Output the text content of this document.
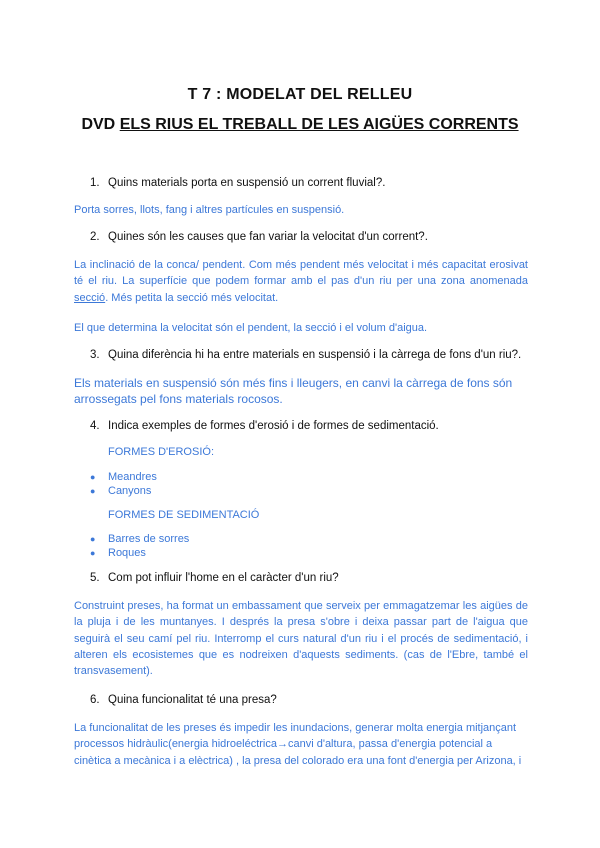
T 7 : MODELAT DEL RELLEU
DVD ELS RIUS EL TREBALL DE LES AIGÜES CORRENTS
1. Quins materials porta en suspensió un corrent fluvial?.
Porta sorres, llots, fang i altres partícules en suspensió.
2. Quines són les causes que fan variar la velocitat d'un corrent?.
La inclinació de la conca/ pendent. Com més pendent més velocitat i més capacitat erosivat té el riu. La superfície que podem formar amb el pas d'un riu per una zona anomenada secció. Més petita la secció més velocitat.
El que determina la velocitat són el pendent, la secció i el volum d'aigua.
3. Quina diferència hi ha entre materials en suspensió i la càrrega de fons d'un riu?.
Els materials en suspensió són més fins i lleugers, en canvi la càrrega de fons són arrossegats pel fons materials rocosos.
4. Indica exemples de formes d'erosió i de formes de sedimentació.
FORMES D'EROSIÓ:
● Meandres
● Canyons
FORMES DE SEDIMENTACIÓ
● Barres de sorres
● Roques
5. Com pot influir l'home en el caràcter d'un riu?
Construint preses, ha format un embassament que serveix per emmagatzemar les aigües de la pluja i de les muntanyes. I després la presa s'obre i deixa passar part de l'aigua que seguirà el seu camí pel riu. Interromp el curs natural d'un riu i el procés de sedimentació, i alteren els ecosistemes que es nodreixen d'aquests sediments. (cas de l'Ebre, també el transvasement).
6. Quina funcionalitat té una presa?
La funcionalitat de les preses és impedir les inundacions, generar molta energia mitjançant processos hidràulic(energia hidroeléctrica→canvi d'altura, passa d'energia potencial a cinètica a mecànica i a elèctrica) , la presa del colorado era una font d'energia per Arizona, i
